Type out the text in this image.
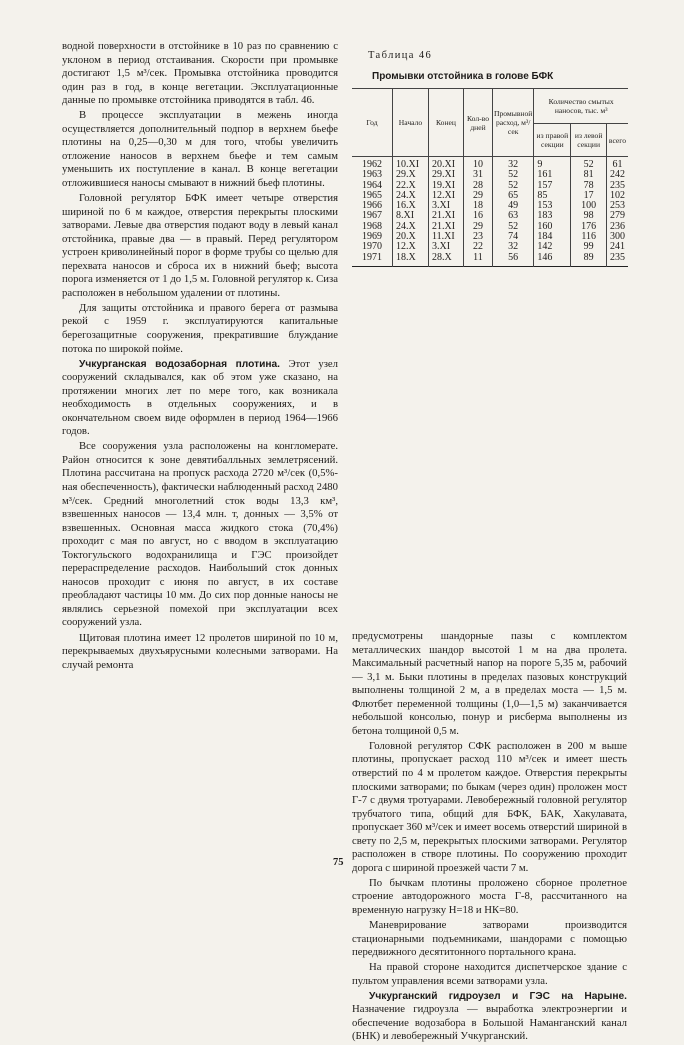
водной поверхности в отстойнике в 10 раз по сравнению с уклоном в период отстаивания. Скорости при промывке достигают 1,5 м³/сек. Промывка отстойника проводится один раз в год, в конце вегетации. Эксплуатационные данные по промывке отстойника приводятся в табл. 46.

В процессе эксплуатации в межень иногда осуществляется дополнительный подпор в верхнем бьефе плотины на 0,25—0,30 м для того, чтобы увеличить отложение наносов в верхнем бьефе и тем самым уменьшить их поступление в канал. В конце вегетации отложившиеся наносы смывают в нижний бьеф плотины.

Головной регулятор БФК имеет четыре отверстия шириной по 6 м каждое, отверстия перекрыты плоскими затворами. Левые два отверстия подают воду в левый канал отстойника, правые два — в правый. Перед регулятором устроен криволинейный порог в форме трубы со щелью для перехвата наносов и сброса их в нижний бьеф; высота порога изменяется от 1 до 1,5 м. Головной регулятор к. Сиза расположен в небольшом удалении от плотины.

Для защиты отстойника и правого берега от размыва рекой с 1959 г. эксплуатируются капитальные берегозащитные сооружения, прекратившие блуждание потока по широкой пойме.

Учкурганская водозаборная плотина. Этот узел сооружений складывался, как об этом уже сказано, на протяжении многих лет по мере того, как возникала необходимость в отдельных сооружениях, и в окончательном своем виде оформлен в период 1964—1966 годов.

Все сооружения узла расположены на конгломерате. Район относится к зоне девятибалльных землетрясений. Плотина рассчитана на пропуск расхода 2720 м³/сек (0,5%-ная обеспеченность), фактически наблюденный расход 2480 м³/сек. Средний многолетний сток воды 13,3 км³, взвешенных наносов — 13,4 млн. т, донных — 3,5% от взвешенных. Основная масса жидкого стока (70,4%) проходит с мая по август, но с вводом в эксплуатацию Токтогульского водохранилища и ГЭС произойдет перераспределение расходов. Наибольший сток донных наносов проходит с июня по август, в их составе преобладают частицы 10 мм. До сих пор донные наносы не являлись серьезной помехой при эксплуатации всех сооружений узла.

Щитовая плотина имеет 12 пролетов шириной по 10 м, перекрываемых двухъярусными колесными затворами. На случай ремонта

Таблица 46
Промывки отстойника в голове БФК
Год	Начало	Конец	Кол-во дней	Промывной расход, м³/сек	Количество смытых наносов, тыс. м³		
					из правой секции	из левой секции	всего
1962	10.XI	20.XI	10	32	9	52	61
1963	29.X	29.XI	31	52	161	81	242
1964	22.X	19.XI	28	52	157	78	235
1965	24.X	12.XI	29	65	85	17	102
1966	16.X	3.XI	18	49	153	100	253
1967	8.XI	21.XI	16	63	183	98	279
1968	24.X	21.XI	29	52	160	176	236
1969	20.X	11.XI	23	74	184	116	300
1970	12.X	3.XI	22	32	142	99	241
1971	18.X	28.X	11	56	146	89	235

предусмотрены шандорные пазы с комплектом металлических шандор высотой 1 м на два пролета. Максимальный расчетный напор на пороге 5,35 м, рабочий — 3,1 м. Быки плотины в пределах пазовых конструкций выполнены толщиной 2 м, а в пределах моста — 1,5 м. Флютбет переменной толщины (1,0—1,5 м) заканчивается небольшой консолью, понур и рисберма выполнены из бетона толщиной 0,5 м.

Головной регулятор СФК расположен в 200 м выше плотины, пропускает расход 110 м³/сек и имеет шесть отверстий по 4 м пролетом каждое. Отверстия перекрыты плоскими затворами; по быкам (через один) проложен мост Г-7 с двумя тротуарами. Левобережный головной регулятор трубчатого типа, общий для БФК, БАК, Хакулавата, пропускает 360 м³/сек и имеет восемь отверстий шириной в свету по 2,5 м, перекрытых плоскими затворами. Регулятор расположен в створе плотины. По сооружению проходит дорога с шириной проезжей части 7 м.

По бычкам плотины проложено сборное пролетное строение автодорожного моста Г-8, рассчитанного на временную нагрузку Н=18 и НК=80.

Маневрирование затворами производится стационарными подъемниками, шандорами с помощью передвижного десятитонного портального крана.

На правой стороне находится диспетчерское здание с пультом управления всеми затворами узла.

Учкурганский гидроузел и ГЭС на Нарыне. Назначение гидроузла — выработка электроэнергии и обеспечение водозабора в Большой Наманганский канал (БНК) и левобережный Учкурганский.

75
